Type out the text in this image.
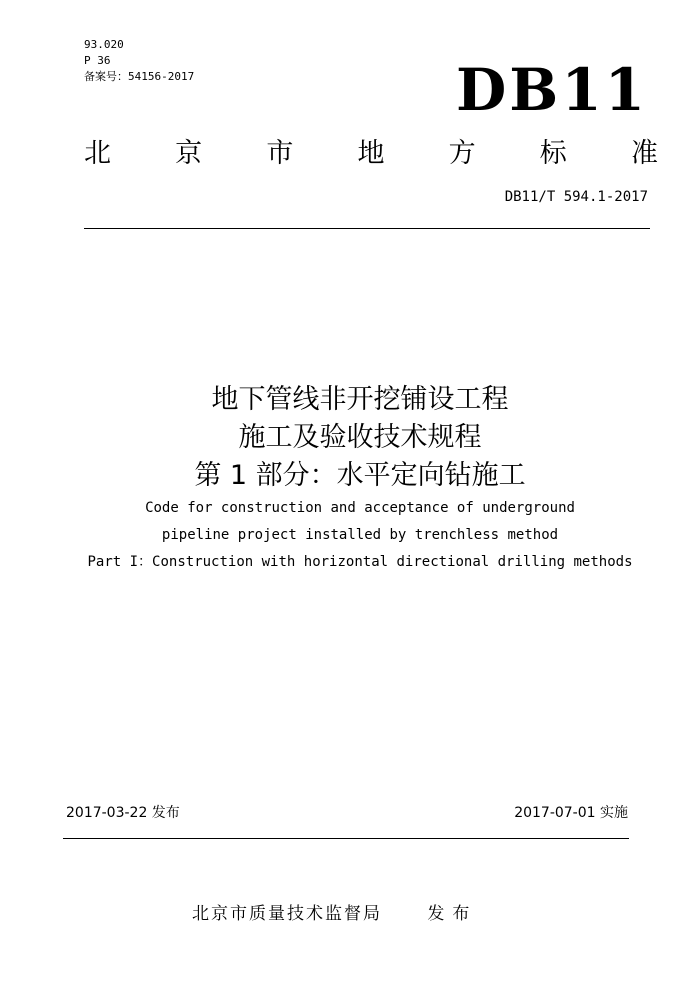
93.020
P 36
备案号：54156-2017	DB11
北 京 市 地 方 标 准
DB11/T 594.1-2017
地下管线非开挖铺设工程
施工及验收技术规程
第 1 部分：水平定向钻施工
Code for construction and acceptance of underground
pipeline project installed by trenchless method
Part I：Construction with horizontal directional drilling methods
2017-03-22 发布	2017-07-01 实施
北京市质量技术监督局	发布
